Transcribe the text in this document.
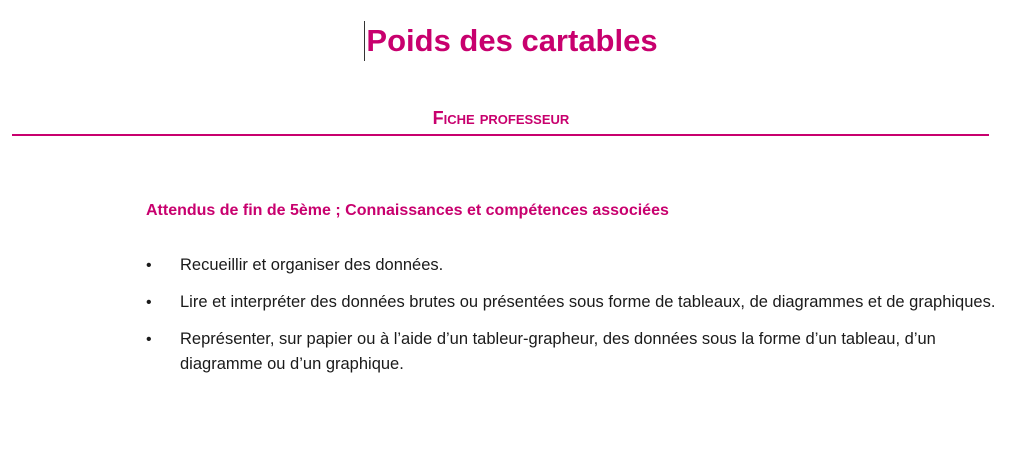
Poids des cartables
Fiche professeur
Attendus de fin de 5ème ; Connaissances et compétences associées
•	Recueillir et organiser des données.
•	Lire et interpréter des données brutes ou présentées sous forme de tableaux, de diagrammes et de graphiques.
•	Représenter, sur papier ou à l’aide d’un tableur-grapheur, des données sous la forme d’un tableau, d’un diagramme ou d’un graphique.
